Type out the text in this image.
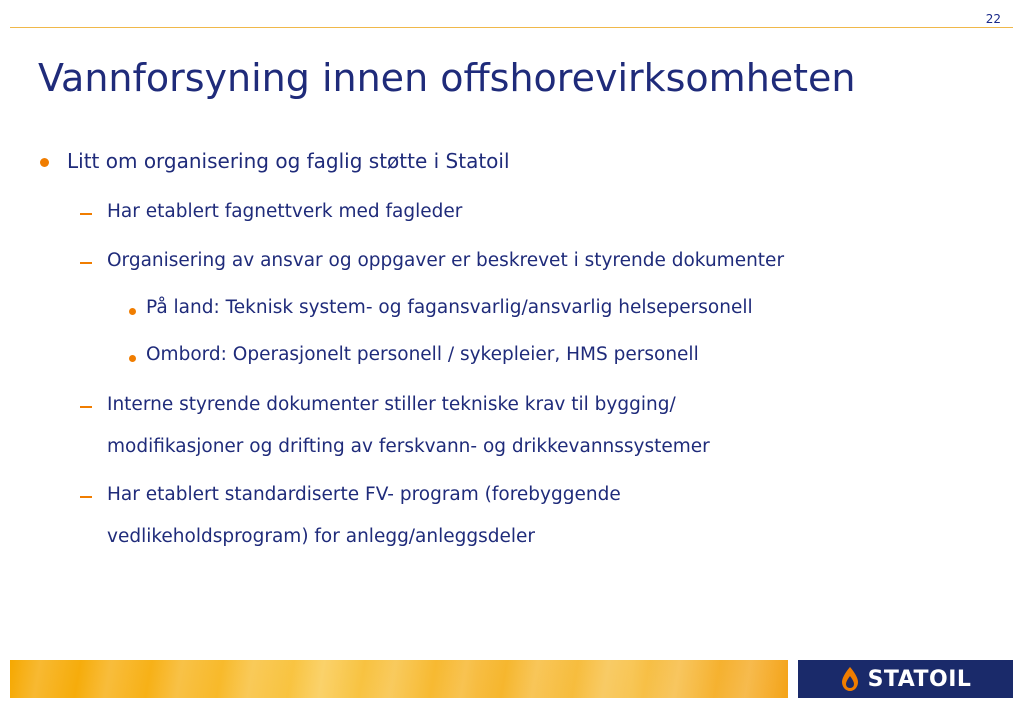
22
Vannforsyning innen offshorevirksomheten
Litt om organisering og faglig støtte i Statoil
Har etablert fagnettverk med fagleder
Organisering av ansvar og oppgaver er beskrevet i styrende dokumenter
På land: Teknisk system- og fagansvarlig/ansvarlig helsepersonell
Ombord: Operasjonelt personell / sykepleier, HMS personell
Interne styrende dokumenter stiller tekniske krav til bygging/
modifikasjoner og drifting av ferskvann- og drikkevannssystemer
Har etablert standardiserte FV- program (forebyggende
vedlikeholdsprogram) for anlegg/anleggsdeler
STATOIL
